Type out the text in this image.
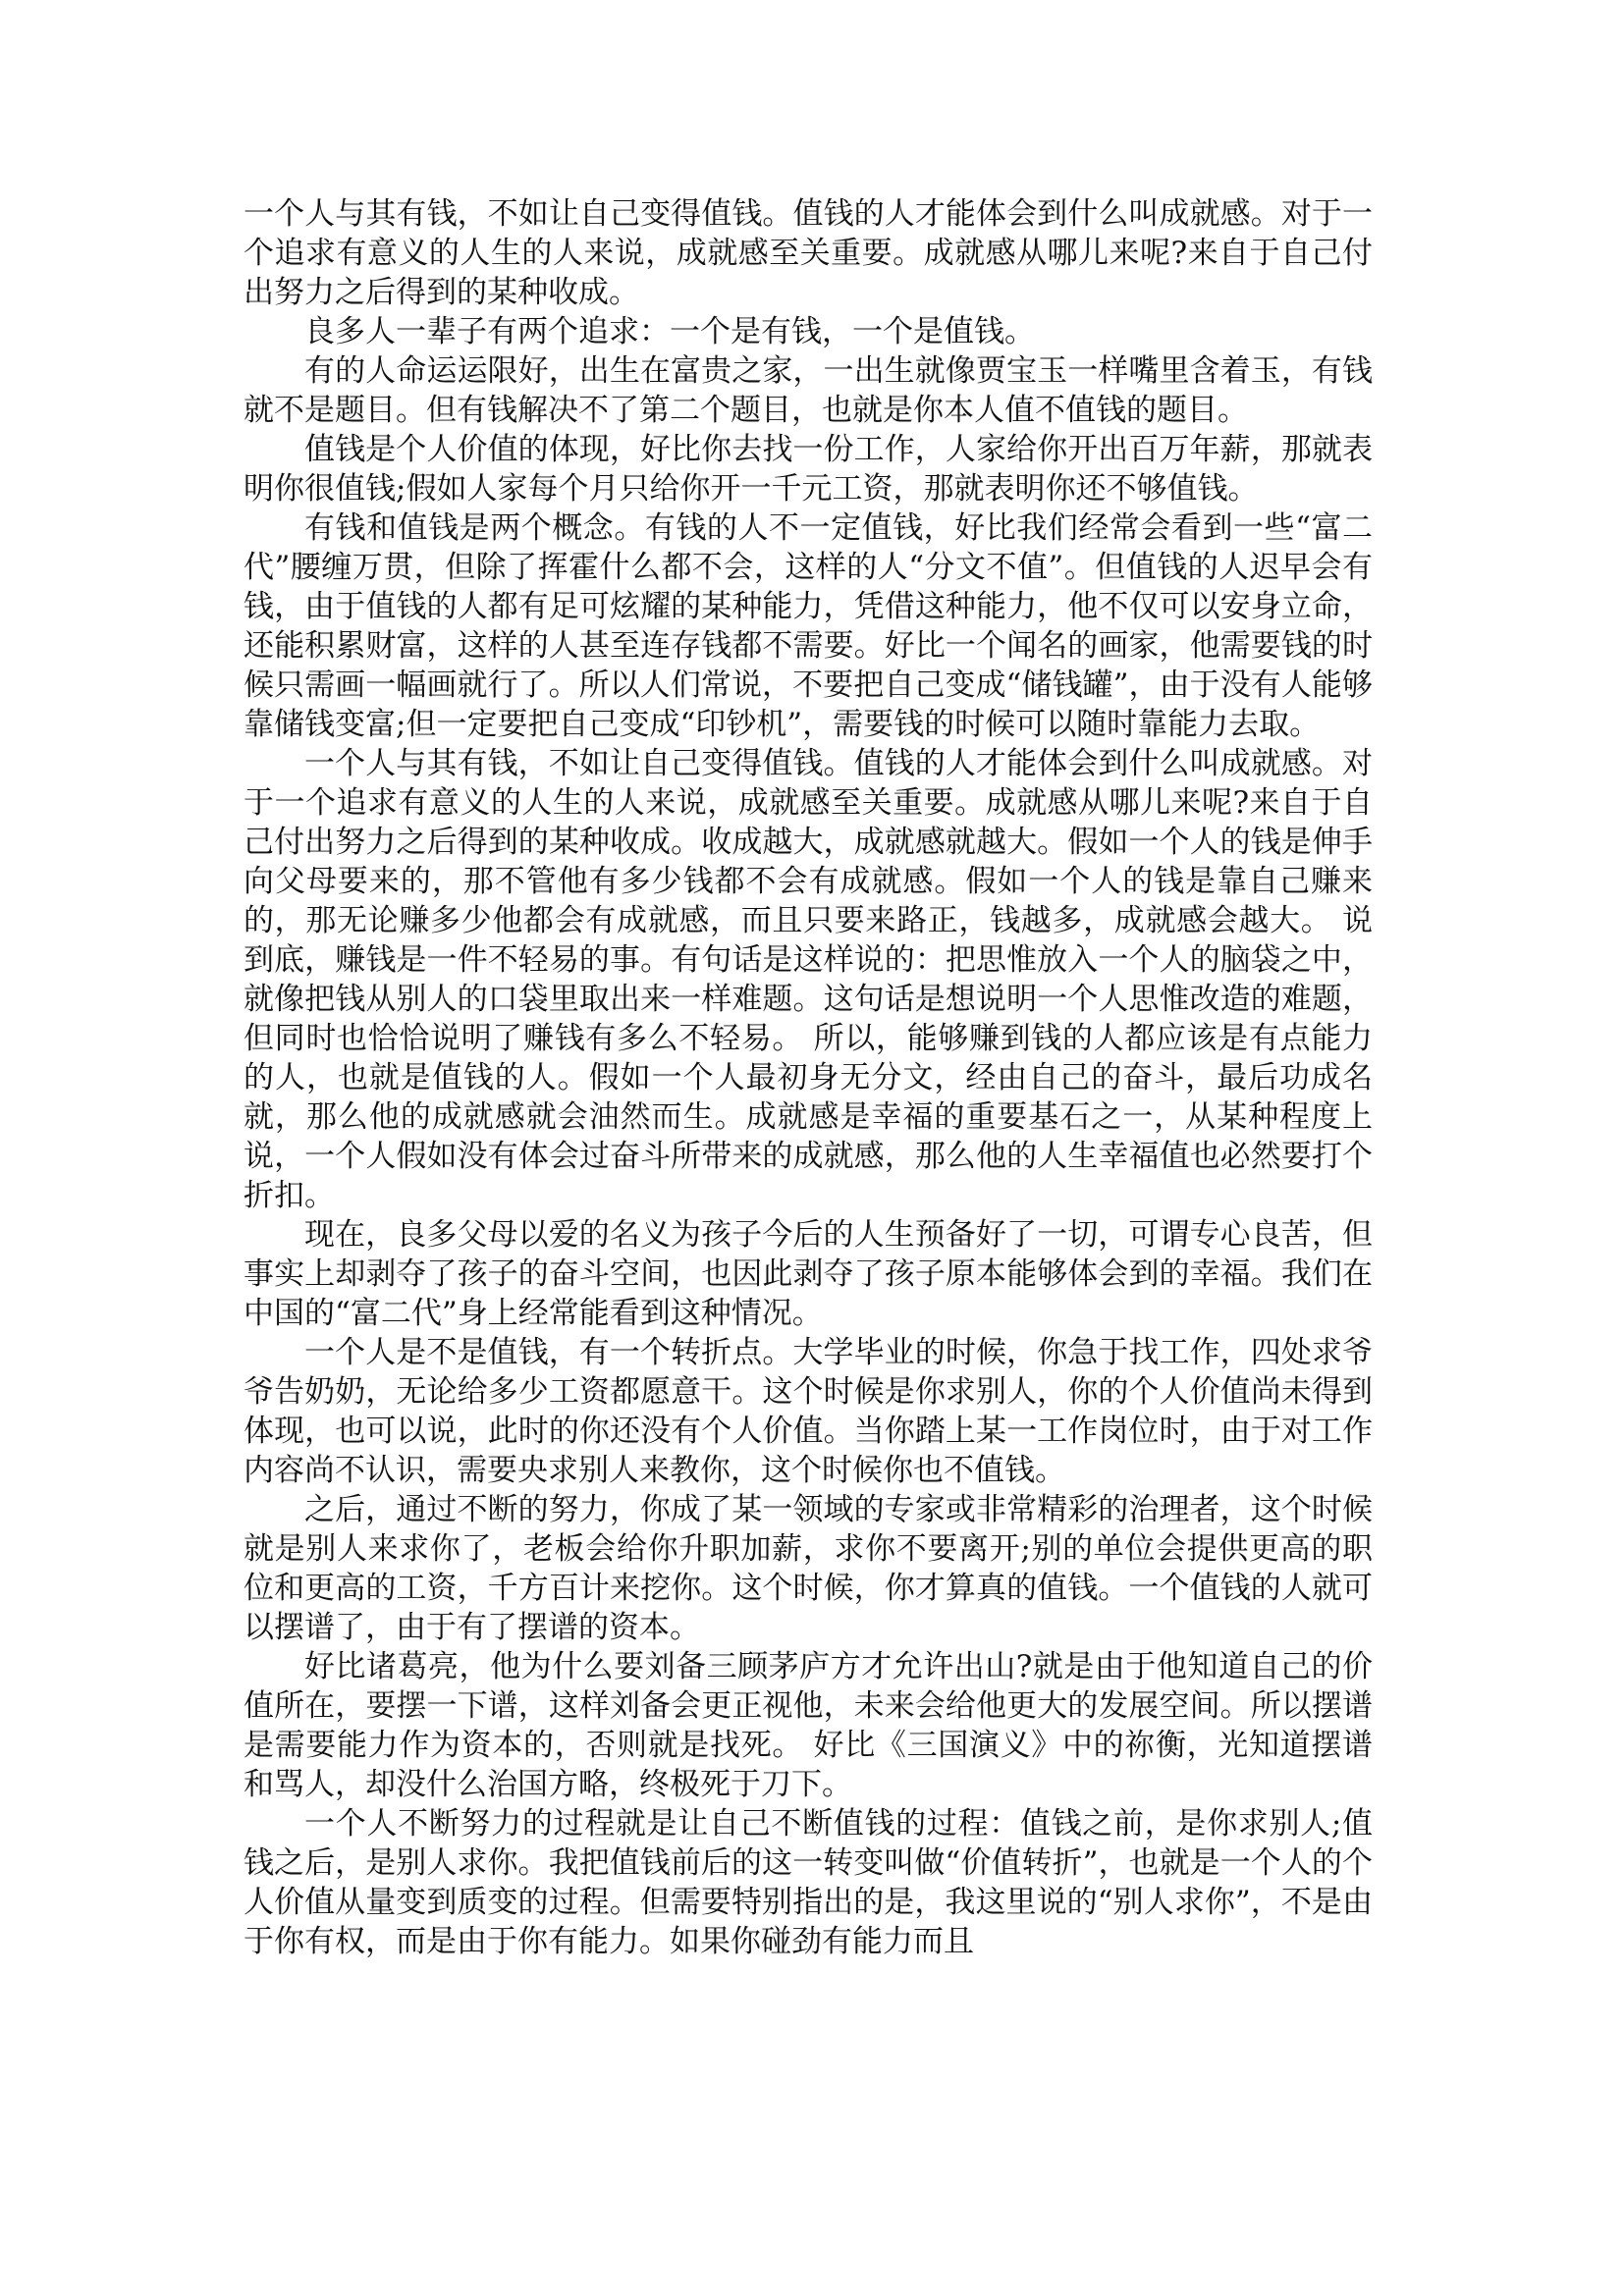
一个人与其有钱，不如让自己变得值钱。值钱的人才能体会到什么叫成就感。对于一个追求有意义的人生的人来说，成就感至关重要。成就感从哪儿来呢?来自于自己付出努力之后得到的某种收成。

良多人一辈子有两个追求：一个是有钱，一个是值钱。

有的人命运运限好，出生在富贵之家，一出生就像贾宝玉一样嘴里含着玉，有钱就不是题目。但有钱解决不了第二个题目，也就是你本人值不值钱的题目。

值钱是个人价值的体现，好比你去找一份工作，人家给你开出百万年薪，那就表明你很值钱;假如人家每个月只给你开一千元工资，那就表明你还不够值钱。

有钱和值钱是两个概念。有钱的人不一定值钱，好比我们经常会看到一些“富二代”腰缠万贯，但除了挥霍什么都不会，这样的人“分文不值”。但值钱的人迟早会有钱，由于值钱的人都有足可炫耀的某种能力，凭借这种能力，他不仅可以安身立命，还能积累财富，这样的人甚至连存钱都不需要。好比一个闻名的画家，他需要钱的时候只需画一幅画就行了。所以人们常说，不要把自己变成“储钱罐”，由于没有人能够靠储钱变富;但一定要把自己变成“印钞机”，需要钱的时候可以随时靠能力去取。

一个人与其有钱，不如让自己变得值钱。值钱的人才能体会到什么叫成就感。对于一个追求有意义的人生的人来说，成就感至关重要。成就感从哪儿来呢?来自于自己付出努力之后得到的某种收成。收成越大，成就感就越大。假如一个人的钱是伸手向父母要来的，那不管他有多少钱都不会有成就感。假如一个人的钱是靠自己赚来的，那无论赚多少他都会有成就感，而且只要来路正，钱越多，成就感会越大。 说到底，赚钱是一件不轻易的事。有句话是这样说的：把思惟放入一个人的脑袋之中，就像把钱从别人的口袋里取出来一样难题。这句话是想说明一个人思惟改造的难题，但同时也恰恰说明了赚钱有多么不轻易。 所以，能够赚到钱的人都应该是有点能力的人，也就是值钱的人。假如一个人最初身无分文，经由自己的奋斗，最后功成名就，那么他的成就感就会油然而生。成就感是幸福的重要基石之一，从某种程度上说，一个人假如没有体会过奋斗所带来的成就感，那么他的人生幸福值也必然要打个折扣。

现在，良多父母以爱的名义为孩子今后的人生预备好了一切，可谓专心良苦，但事实上却剥夺了孩子的奋斗空间，也因此剥夺了孩子原本能够体会到的幸福。我们在中国的“富二代”身上经常能看到这种情况。

一个人是不是值钱，有一个转折点。大学毕业的时候，你急于找工作，四处求爷爷告奶奶，无论给多少工资都愿意干。这个时候是你求别人，你的个人价值尚未得到体现，也可以说，此时的你还没有个人价值。当你踏上某一工作岗位时，由于对工作内容尚不认识，需要央求别人来教你，这个时候你也不值钱。

之后，通过不断的努力，你成了某一领域的专家或非常精彩的治理者，这个时候就是别人来求你了，老板会给你升职加薪，求你不要离开;别的单位会提供更高的职位和更高的工资，千方百计来挖你。这个时候，你才算真的值钱。一个值钱的人就可以摆谱了，由于有了摆谱的资本。

好比诸葛亮，他为什么要刘备三顾茅庐方才允许出山?就是由于他知道自己的价值所在，要摆一下谱，这样刘备会更正视他，未来会给他更大的发展空间。所以摆谱是需要能力作为资本的，否则就是找死。 好比《三国演义》中的祢衡，光知道摆谱和骂人，却没什么治国方略，终极死于刀下。

一个人不断努力的过程就是让自己不断值钱的过程：值钱之前，是你求别人;值钱之后，是别人求你。我把值钱前后的这一转变叫做“价值转折”，也就是一个人的个人价值从量变到质变的过程。但需要特别指出的是，我这里说的“别人求你”，不是由于你有权，而是由于你有能力。如果你碰劲有能力而且
